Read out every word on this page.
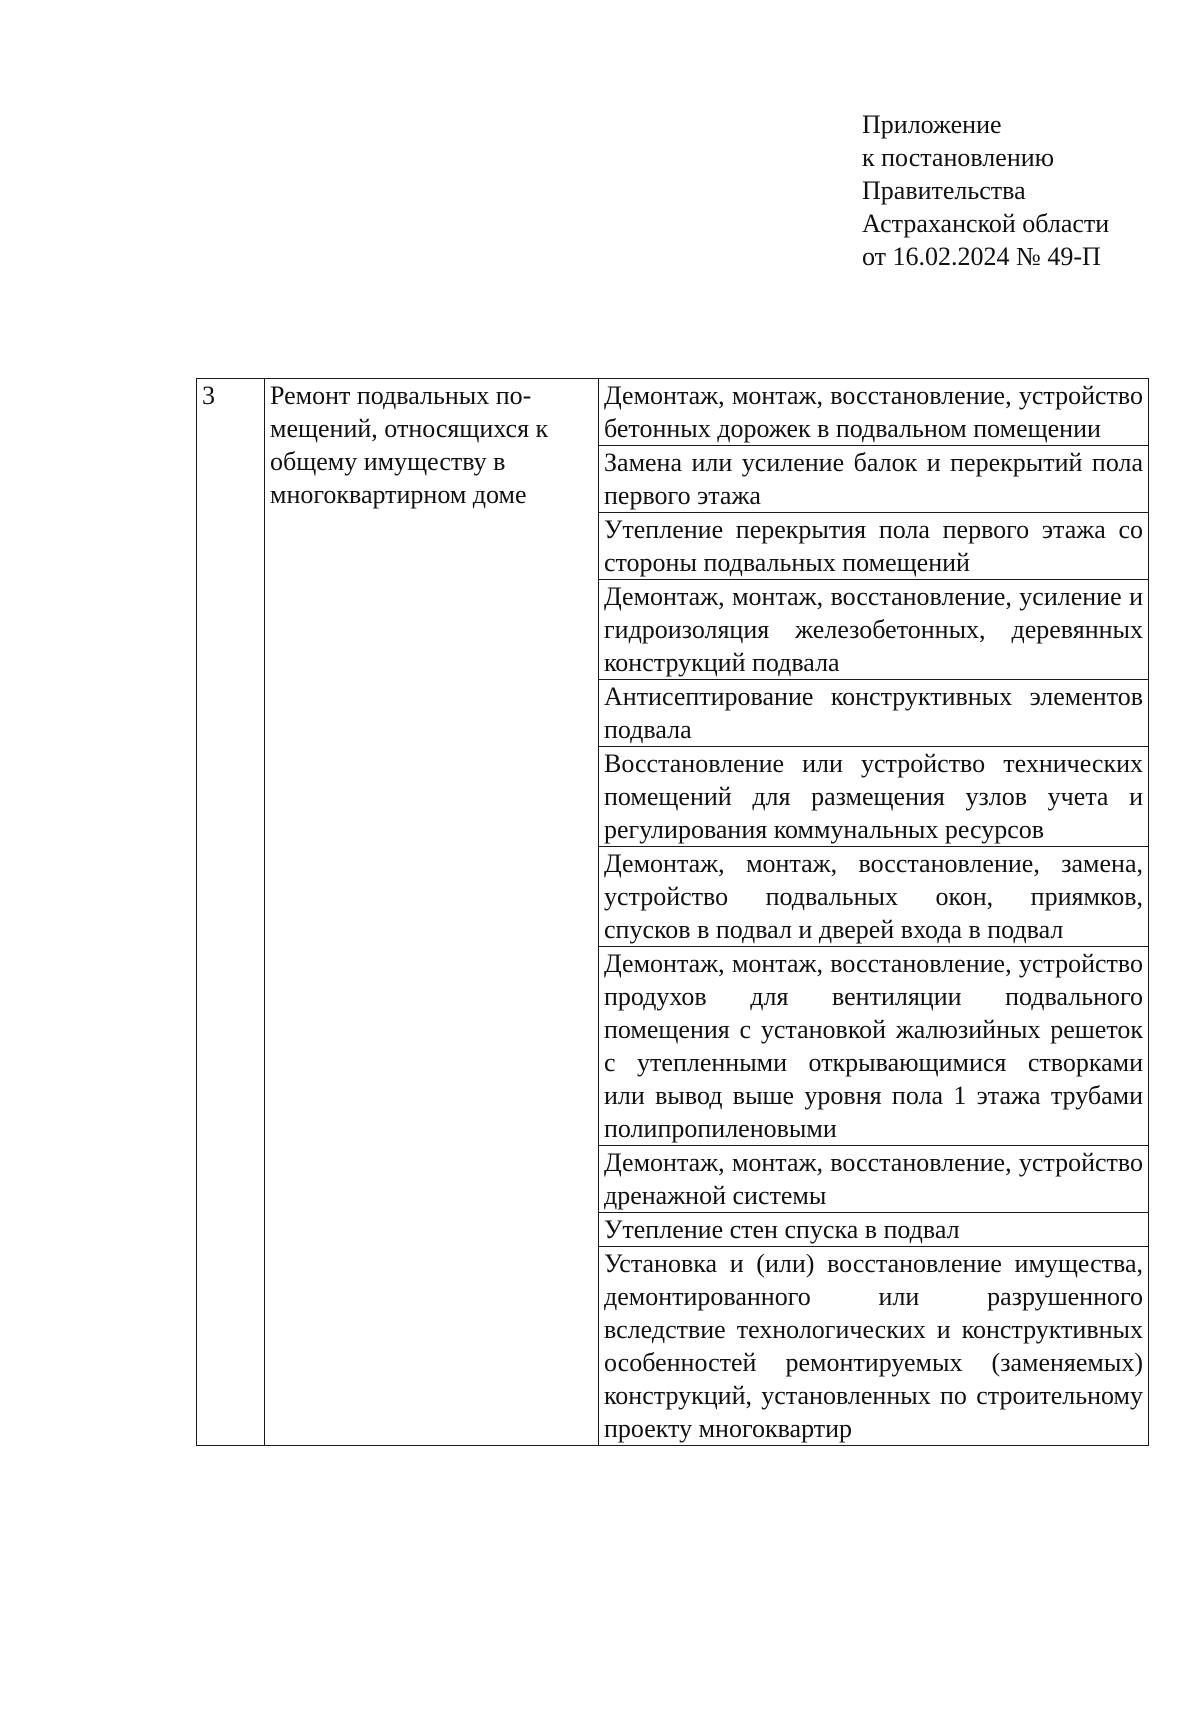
Приложение
к постановлению
Правительства
Астраханской области
от 16.02.2024 № 49-П
3	Ремонт подвальных помещений, относящихся к общему имуществу в многоквартирном доме	Демонтаж, монтаж, восстановление, устройство бетонных дорожек в подвальном помещении
Замена или усиление балок и перекрытий пола первого этажа
Утепление перекрытия пола первого этажа со стороны подвальных помещений
Демонтаж, монтаж, восстановление, усиление и гидроизоляция железобетонных, деревянных конструкций подвала
Антисептирование конструктивных элементов подвала
Восстановление или устройство технических помещений для размещения узлов учета и регулирования коммунальных ресурсов
Демонтаж, монтаж, восстановление, замена, устройство подвальных окон, приямков, спусков в подвал и дверей входа в подвал
Демонтаж, монтаж, восстановление, устройство продухов для вентиляции подвального помещения с установкой жалюзийных решеток с утепленными открывающимися створками или вывод выше уровня пола 1 этажа трубами полипропиленовыми
Демонтаж, монтаж, восстановление, устройство дренажной системы
Утепление стен спуска в подвал
Установка и (или) восстановление имущества, демонтированного или разрушенного вследствие технологических и конструктивных особенностей ремонтируемых (заменяемых) конструкций, установленных по строительному проекту многоквартир
